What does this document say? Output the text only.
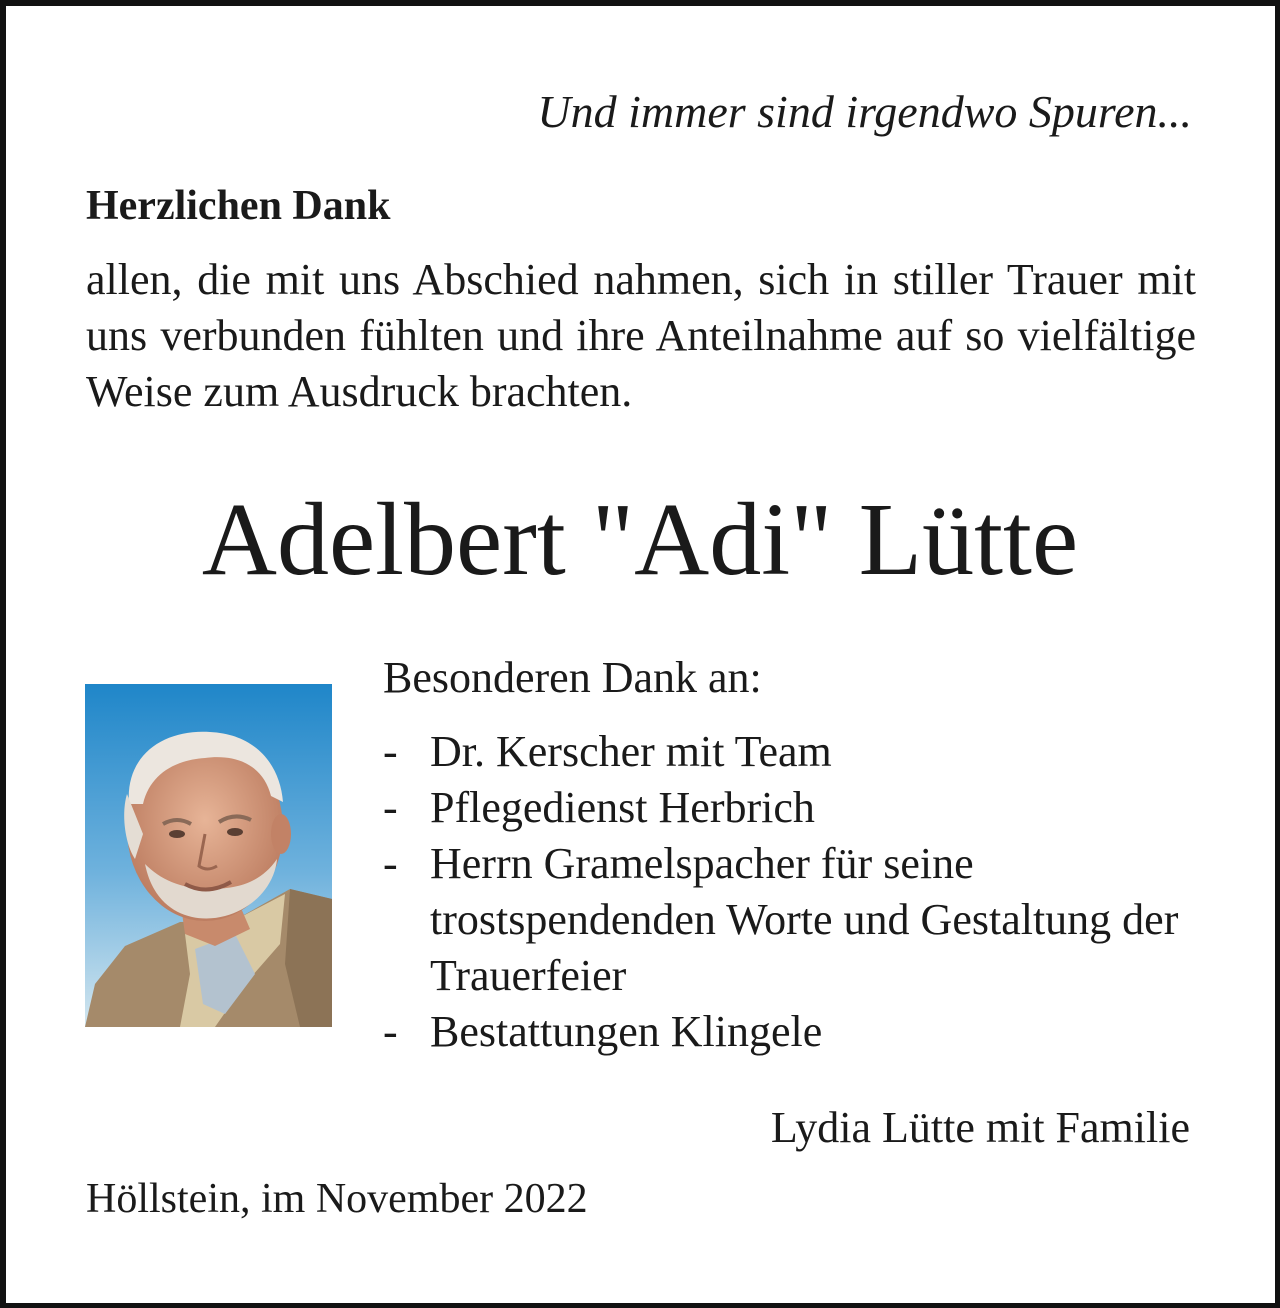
Und immer sind irgendwo Spuren...
Herzlichen Dank
allen, die mit uns Abschied nahmen, sich in stiller Trauer mit uns verbunden fühlten und ihre Anteilnahme auf so vielfältige Weise zum Ausdruck brachten.
Adelbert "Adi" Lütte
Besonderen Dank an:
- Dr. Kerscher mit Team
- Pflegedienst Herbrich
- Herrn Gramelspacher für seine trostspendenden Worte und Gestaltung der Trauerfeier
- Bestattungen Klingele
Lydia Lütte mit Familie
Höllstein, im November 2022
